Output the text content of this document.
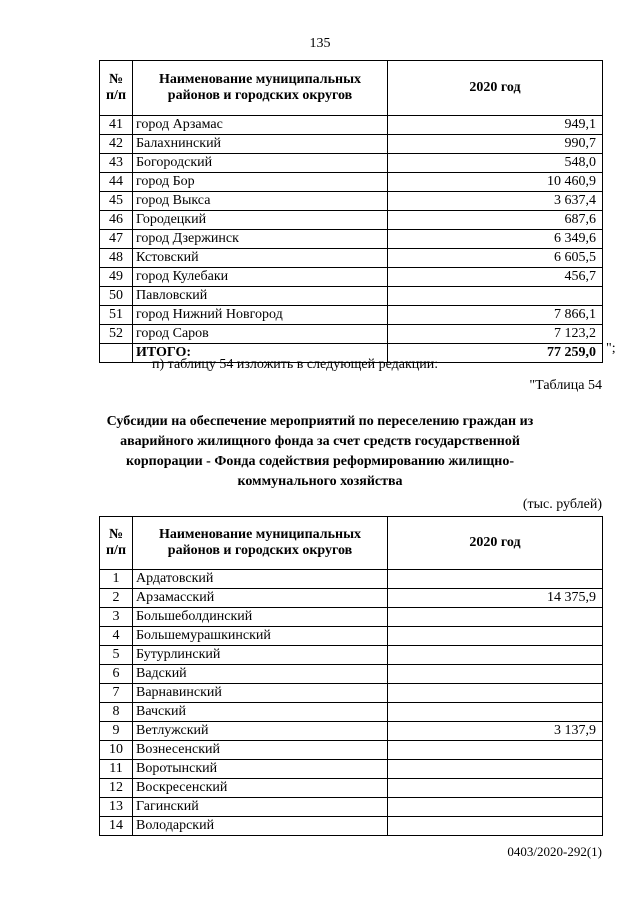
135
№ п/п	Наименование муниципальных районов и городских округов	2020 год
41	город Арзамас	949,1
42	Балахнинский	990,7
43	Богородский	548,0
44	город Бор	10 460,9
45	город Выкса	3 637,4
46	Городецкий	687,6
47	город Дзержинск	6 349,6
48	Кстовский	6 605,5
49	город Кулебаки	456,7
50	Павловский	
51	город Нижний Новгород	7 866,1
52	город Саров	7 123,2
	ИТОГО:	77 259,0 ";
п) таблицу 54 изложить в следующей редакции:
"Таблица 54
Субсидии на обеспечение мероприятий по переселению граждан из аварийного жилищного фонда за счет средств государственной корпорации - Фонда содействия реформированию жилищно-коммунального хозяйства
(тыс. рублей)
№ п/п	Наименование муниципальных районов и городских округов	2020 год
1	Ардатовский	
2	Арзамасский	14 375,9
3	Большеболдинский	
4	Большемурашкинский	
5	Бутурлинский	
6	Вадский	
7	Варнавинский	
8	Вачский	
9	Ветлужский	3 137,9
10	Вознесенский	
11	Воротынский	
12	Воскресенский	
13	Гагинский	
14	Володарский	
0403/2020-292(1)
